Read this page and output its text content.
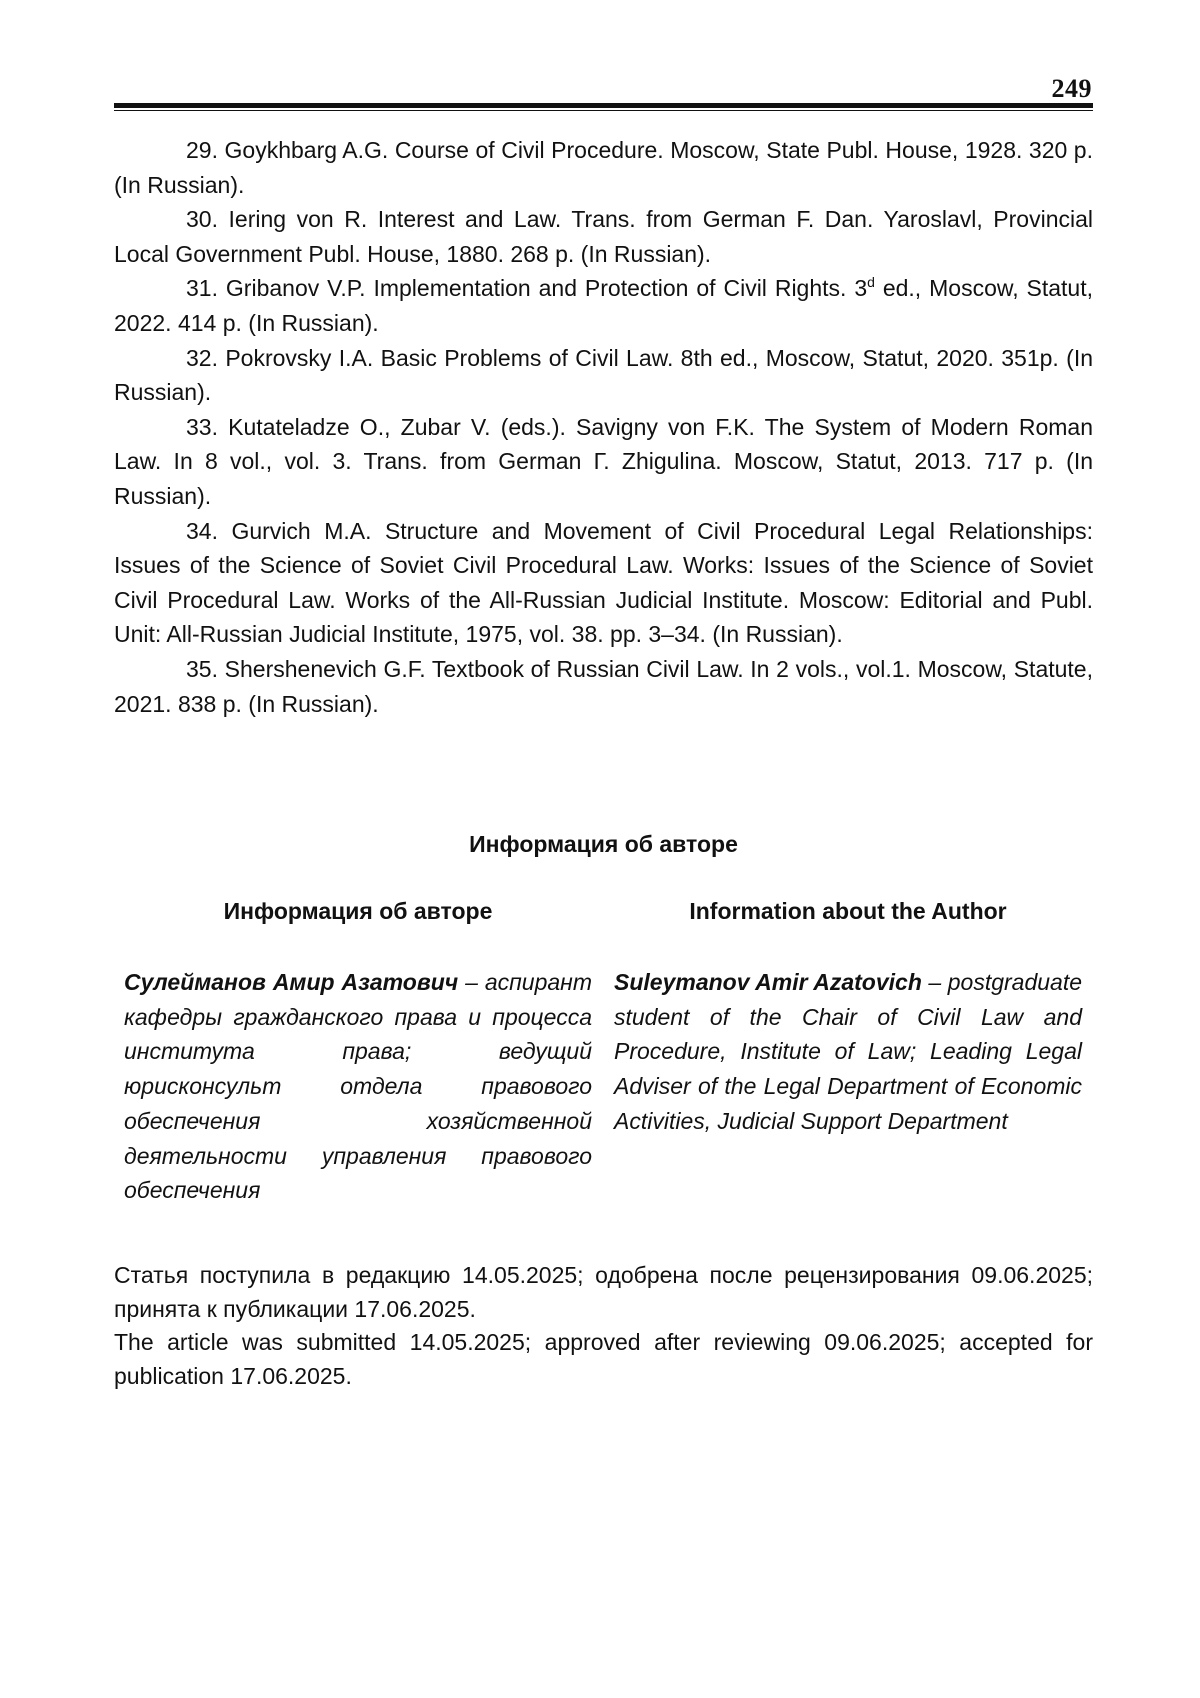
249

29. Goykhbarg A.G. Course of Civil Procedure. Moscow, State Publ. House, 1928. 320 p. (In Russian).

30. Iering von R. Interest and Law. Trans. from German F. Dan. Yaroslavl, Provincial Local Government Publ. House, 1880. 268 p. (In Russian).

31. Gribanov V.P. Implementation and Protection of Civil Rights. 3$^d$ ed., Moscow, Statut, 2022. 414 p. (In Russian).

32. Pokrovsky I.A. Basic Problems of Civil Law. 8th ed., Moscow, Statut, 2020. 351p. (In Russian).

33. Kutateladze O., Zubar V. (eds.). Savigny von F.K. The System of Modern Roman Law. In 8 vol., vol. 3. Trans. from German Г. Zhigulina. Moscow, Statut, 2013. 717 p. (In Russian).

34. Gurvich M.A. Structure and Movement of Civil Procedural Legal Relationships: Issues of the Science of Soviet Civil Procedural Law. Works: Issues of the Science of Soviet Civil Procedural Law. Works of the All-Russian Judicial Institute. Moscow: Editorial and Publ. Unit: All-Russian Judicial Institute, 1975, vol. 38. pp. 3–34. (In Russian).

35. Shershenevich G.F. Textbook of Russian Civil Law. In 2 vols., vol.1. Moscow, Statute, 2021. 838 p. (In Russian).

Информация об авторе
Информация об авторе	Information about the Author
Сулейманов Амир Азатович – аспирант кафедры гражданского права и процесса института права; ведущий юрисконсульт отдела правового обеспечения хозяйственной деятельности управления правового обеспечения
Suleymanov Amir Azatovich – postgraduate student of the Chair of Civil Law and Procedure, Institute of Law; Leading Legal Adviser of the Legal Department of Economic Activities, Judicial Support Department

Статья поступила в редакцию 14.05.2025; одобрена после рецензирования 09.06.2025; принята к публикации 17.06.2025.

The article was submitted 14.05.2025; approved after reviewing 09.06.2025; accepted for publication 17.06.2025.
